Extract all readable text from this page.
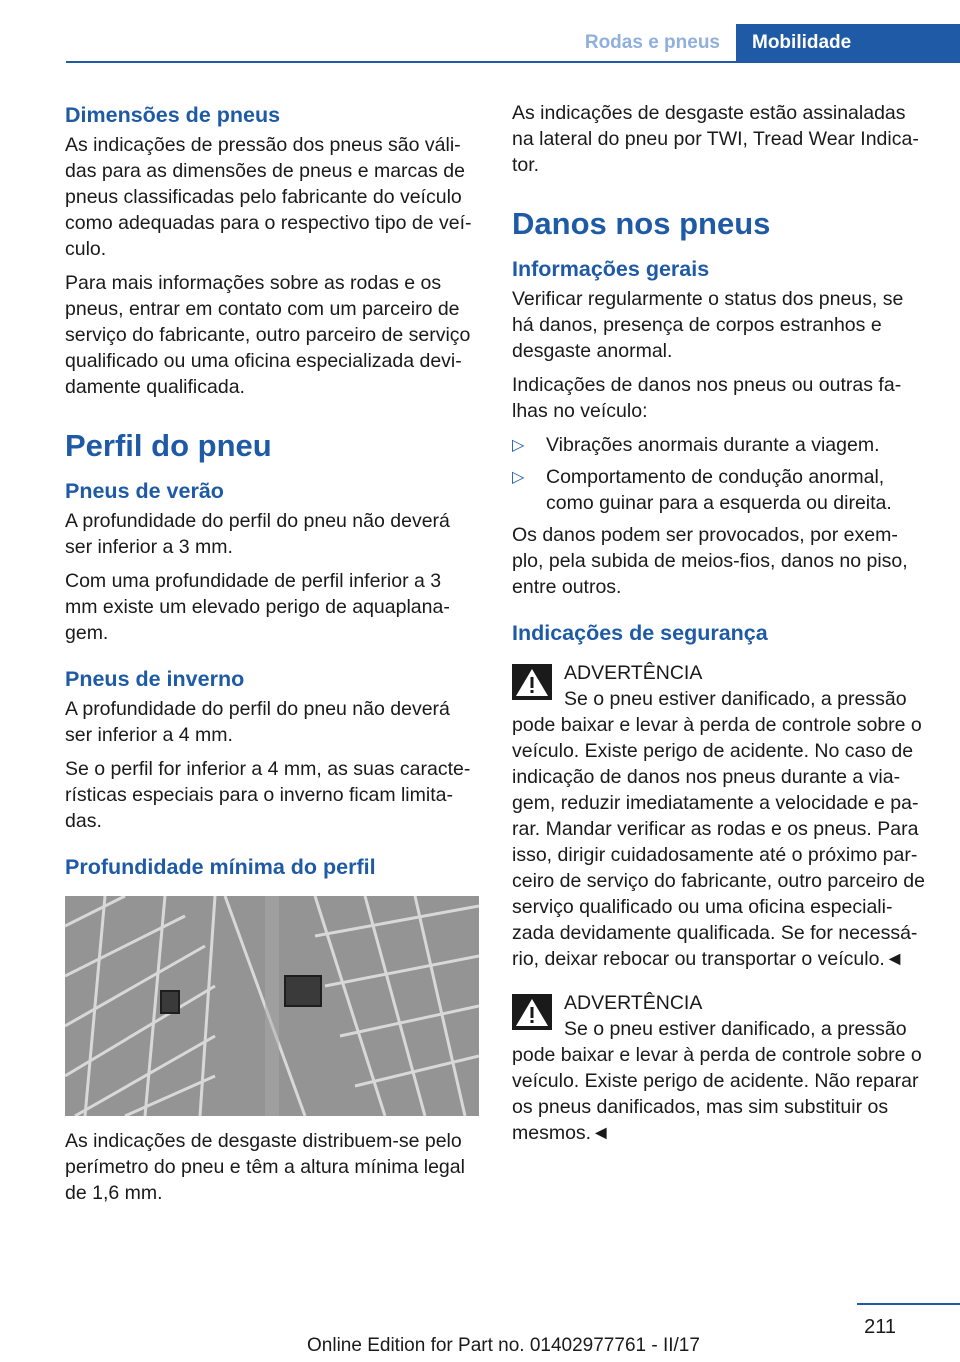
Rodas e pneus	Mobilidade
Dimensões de pneus

As indicações de pressão dos pneus são váli-das para as dimensões de pneus e marcas de pneus classificadas pelo fabricante do veículo como adequadas para o respectivo tipo de veí-culo.

Para mais informações sobre as rodas e os pneus, entrar em contato com um parceiro de serviço do fabricante, outro parceiro de serviço qualificado ou uma oficina especializada devi-damente qualificada.

Perfil do pneu
Pneus de verão

A profundidade do perfil do pneu não deverá ser inferior a 3 mm.

Com uma profundidade de perfil inferior a 3 mm existe um elevado perigo de aquaplana-gem.

Pneus de inverno

A profundidade do perfil do pneu não deverá ser inferior a 4 mm.

Se o perfil for inferior a 4 mm, as suas caracte-rísticas especiais para o inverno ficam limita-das.

Profundidade mínima do perfil

As indicações de desgaste distribuem-se pelo perímetro do pneu e têm a altura mínima legal de 1,6 mm.

As indicações de desgaste estão assinaladas na lateral do pneu por TWI, Tread Wear Indica-tor.

Danos nos pneus
Informações gerais

Verificar regularmente o status dos pneus, se há danos, presença de corpos estranhos e desgaste anormal.

Indicações de danos nos pneus ou outras fa-lhas no veículo:

▷ Vibrações anormais durante a viagem.
▷ Comportamento de condução anormal, como guinar para a esquerda ou direita.

Os danos podem ser provocados, por exem-plo, pela subida de meios-fios, danos no piso, entre outros.

Indicações de segurança
ADVERTÊNCIA

Se o pneu estiver danificado, a pressão pode baixar e levar à perda de controle sobre o veículo. Existe perigo de acidente. No caso de indicação de danos nos pneus durante a via-gem, reduzir imediatamente a velocidade e pa-rar. Mandar verificar as rodas e os pneus. Para isso, dirigir cuidadosamente até o próximo par-ceiro de serviço do fabricante, outro parceiro de serviço qualificado ou uma oficina especiali-zada devidamente qualificada. Se for necessá-rio, deixar rebocar ou transportar o veículo.◄

ADVERTÊNCIA

Se o pneu estiver danificado, a pressão pode baixar e levar à perda de controle sobre o veículo. Existe perigo de acidente. Não reparar os pneus danificados, mas sim substituir os mesmos.◄

211
Online Edition for Part no. 01402977761 - II/17
